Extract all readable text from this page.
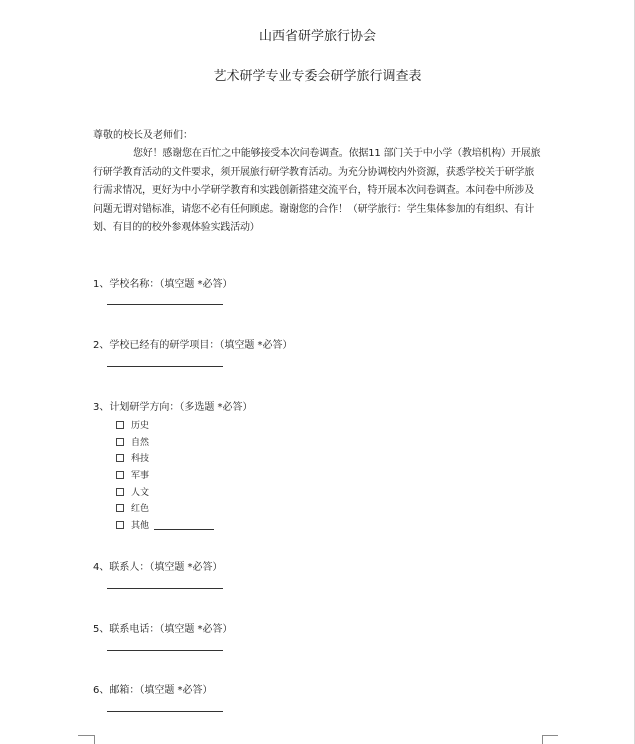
山西省研学旅行协会
艺术研学专业专委会研学旅行调查表
尊敬的校长及老师们：
您好！感谢您在百忙之中能够接受本次问卷调查。依据11 部门关于中小学（教培机构）开展旅行研学教育活动的文件要求，须开展旅行研学教育活动。为充分协调校内外资源，获悉学校关于研学旅行需求情况，更好为中小学研学教育和实践创新搭建交流平台，特开展本次问卷调查。本问卷中所涉及问题无谓对错标准，请您不必有任何顾虑。谢谢您的合作！（研学旅行：学生集体参加的有组织、有计划、有目的的校外参观体验实践活动）
1、学校名称：（填空题 *必答）
2、学校已经有的研学项目：（填空题 *必答）
3、计划研学方向：（多选题 *必答）
历史
自然
科技
军事
人文
红色
其他
4、联系人：（填空题 *必答）
5、联系电话：（填空题 *必答）
6、邮箱：（填空题 *必答）
